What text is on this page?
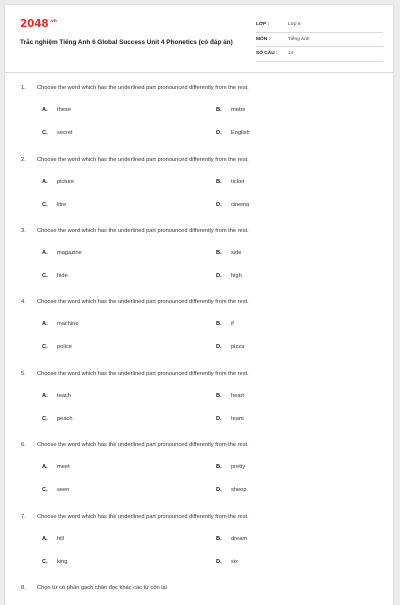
$2048^{.vn}$
Trắc nghiệm Tiếng Anh 6 Global Success Unit 4 Phonetics (có đáp án)
LỚP :	Lớp 6
MÔN :	Tiếng Anh
SỐ CÂU :	14
1.	Choose the word which has the underlined part pronounced differently from the rest.
A.	these	B.	metre
C.	secret	D.	English
2.	Choose the word which has the underlined part pronounced differently from the rest.
A.	picture	B.	ticket
C.	litre	D.	cinema
3.	Choose the word which has the underlined part pronounced differently from the rest.
A.	magazine	B.	side
C.	hide	D.	high
4.	Choose the word which has the underlined part pronounced differently from the rest.
A.	machine	B.	if
C.	police	D.	pizza
5.	Choose the word which has the underlined part pronounced differently from the rest.
A.	teach	B.	heart
C.	peach	D.	team
6.	Choose the word which has the underlined part pronounced differently from the rest.
A.	meet	B.	pretty
C.	seen	D.	sheep
7.	Choose the word which has the underlined part pronounced differently from the rest.
A.	hill	B.	dream
C.	king	D.	six
8.	Chọn từ có phần gạch chân đọc khác các từ còn lại
